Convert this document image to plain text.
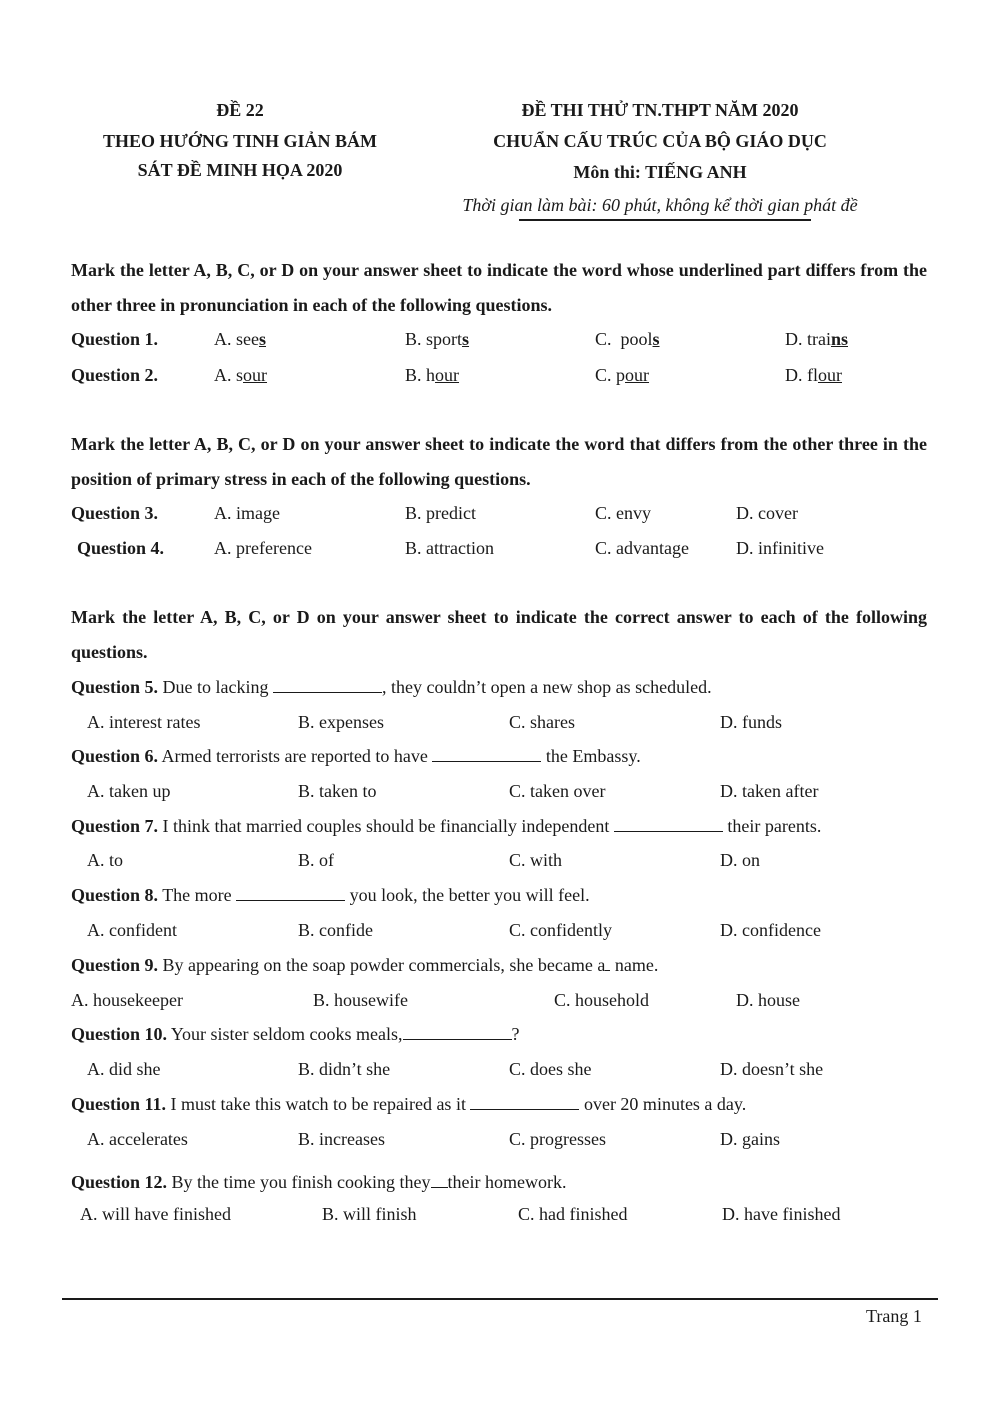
ĐỀ 22
THEO HƯỚNG TINH GIẢN BÁM
SÁT ĐỀ MINH HỌA 2020
ĐỀ THI THỬ TN.THPT NĂM 2020
CHUẨN CẤU TRÚC CỦA BỘ GIÁO DỤC
Môn thi: TIẾNG ANH
Thời gian làm bài: 60 phút, không kể thời gian phát đề
Mark the letter A, B, C, or D on your answer sheet to indicate the word whose underlined part differs from the other three in pronunciation in each of the following questions.
Question 1.	A. sees	B. sports	C.  pools	D. trains
Question 2.	A. sour	B. hour	C. pour	D. flour
Mark the letter A, B, C, or D on your answer sheet to indicate the word that differs from the other three in the position of primary stress in each of the following questions.
Question 3.	A. image	B. predict	C. envy	D. cover
Question 4.	A. preference	B. attraction	C. advantage	D. infinitive
Mark the letter A, B, C, or D on your answer sheet to indicate the correct answer to each of the following questions.
Question 5. Due to lacking	, they couldn’t open a new shop as scheduled.
A. interest rates	B. expenses	C. shares	D. funds
Question 6. Armed terrorists are reported to have	the Embassy.
A. taken up	B. taken to	C. taken over	D. taken after
Question 7. I think that married couples should be financially independent	their parents.
A. to	B. of	C. with	D. on
Question 8. The more	you look, the better you will feel.
A. confident	B. confide	C. confidently	D. confidence
Question 9. By appearing on the soap powder commercials, she became a name.
A. housekeeper	B. housewife	C. household	D. house
Question 10. Your sister seldom cooks meals,	?
A. did she	B. didn’t she	C. does she	D. doesn’t she
Question 11. I must take this watch to be repaired as it	over 20 minutes a day.
A. accelerates	B. increases	C. progresses	D. gains
Question 12. By the time you finish cooking they their homework.
A. will have finished	B. will finish	C. had finished	D. have finished
Trang 1
